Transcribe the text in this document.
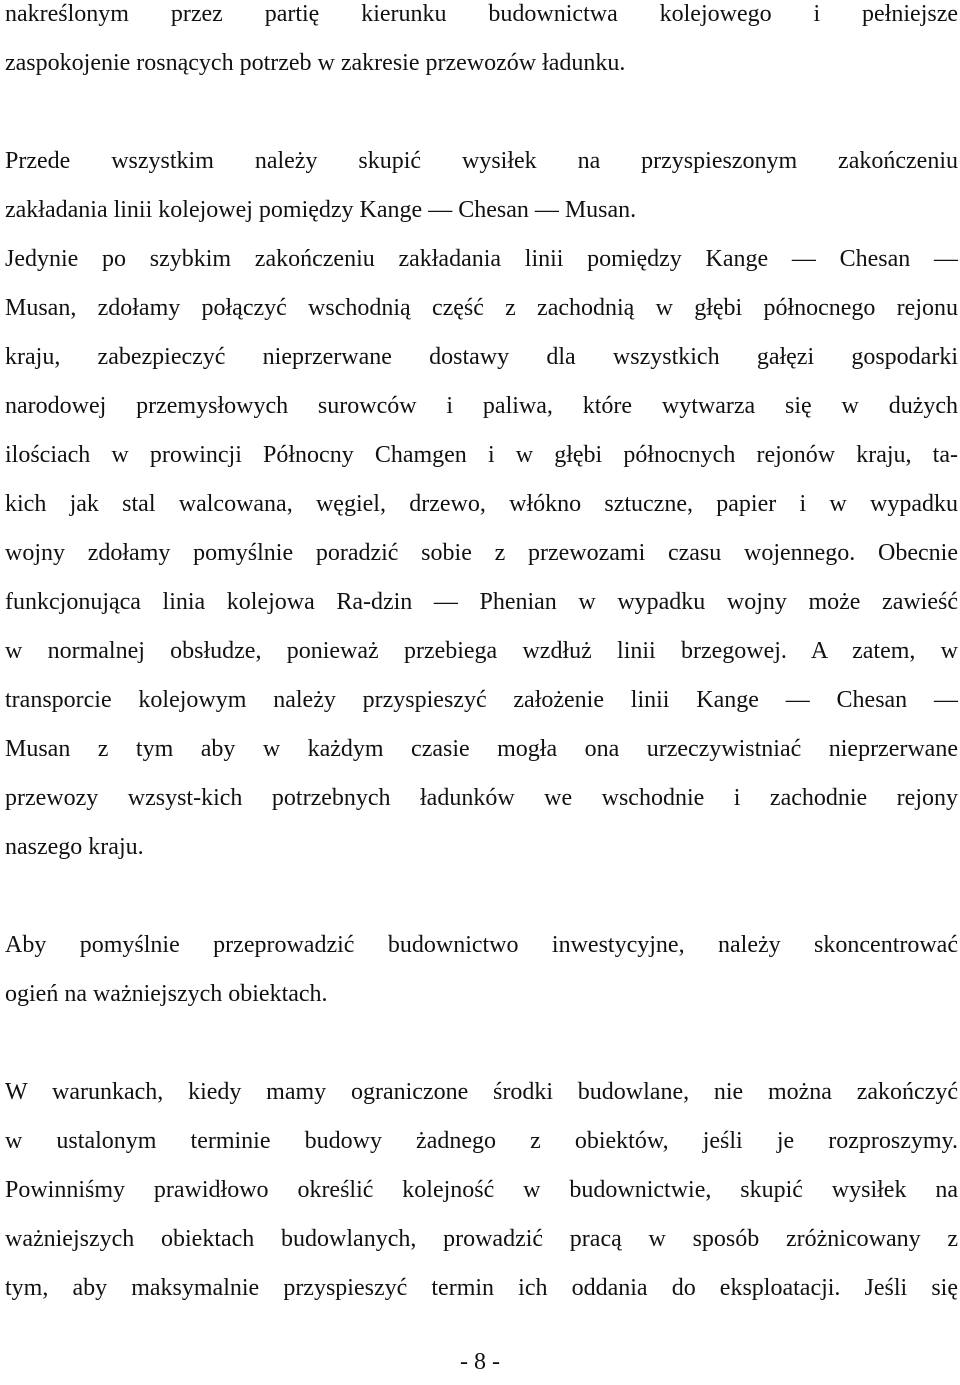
nakreślonym przez partię kierunku budownictwa kolejowego i pełniejsze
zaspokojenie rosnących potrzeb w zakresie przewozów ładunku.
Przede wszystkim należy skupić wysiłek na przyspieszonym zakończeniu
zakładania linii kolejowej pomiędzy Kange — Chesan — Musan.
Jedynie po szybkim zakończeniu zakładania linii pomiędzy Kange — Chesan —
Musan, zdołamy połączyć wschodnią część z zachodnią w głębi północnego rejonu
kraju, zabezpieczyć nieprzerwane dostawy dla wszystkich gałęzi gospodarki
narodowej przemysłowych surowców i paliwa, które wytwarza się w dużych
ilościach w prowincji Północny Chamgen i w głębi północnych rejonów kraju, ta-
kich jak stal walcowana, węgiel, drzewo, włókno sztuczne, papier i w wypadku
wojny zdołamy pomyślnie poradzić sobie z przewozami czasu wojennego. Obecnie
funkcjonująca linia kolejowa Ra-dzin — Phenian w wypadku wojny może zawieść
w normalnej obsłudze, ponieważ przebiega wzdłuż linii brzegowej. A zatem, w
transporcie kolejowym należy przyspieszyć założenie linii Kange — Chesan —
Musan z tym aby w każdym czasie mogła ona urzeczywistniać nieprzerwane
przewozy wzsyst-kich potrzebnych ładunków we wschodnie i zachodnie rejony
naszego kraju.
Aby pomyślnie przeprowadzić budownictwo inwestycyjne, należy skoncentrować
ogień na ważniejszych obiektach.
W warunkach, kiedy mamy ograniczone środki budowlane, nie można zakończyć
w ustalonym terminie budowy żadnego z obiektów, jeśli je rozproszymy.
Powinniśmy prawidłowo określić kolejność w budownictwie, skupić wysiłek na
ważniejszych obiektach budowlanych, prowadzić pracą w sposób zróżnicowany z
tym, aby maksymalnie przyspieszyć termin ich oddania do eksploatacji. Jeśli się
- 8 -
